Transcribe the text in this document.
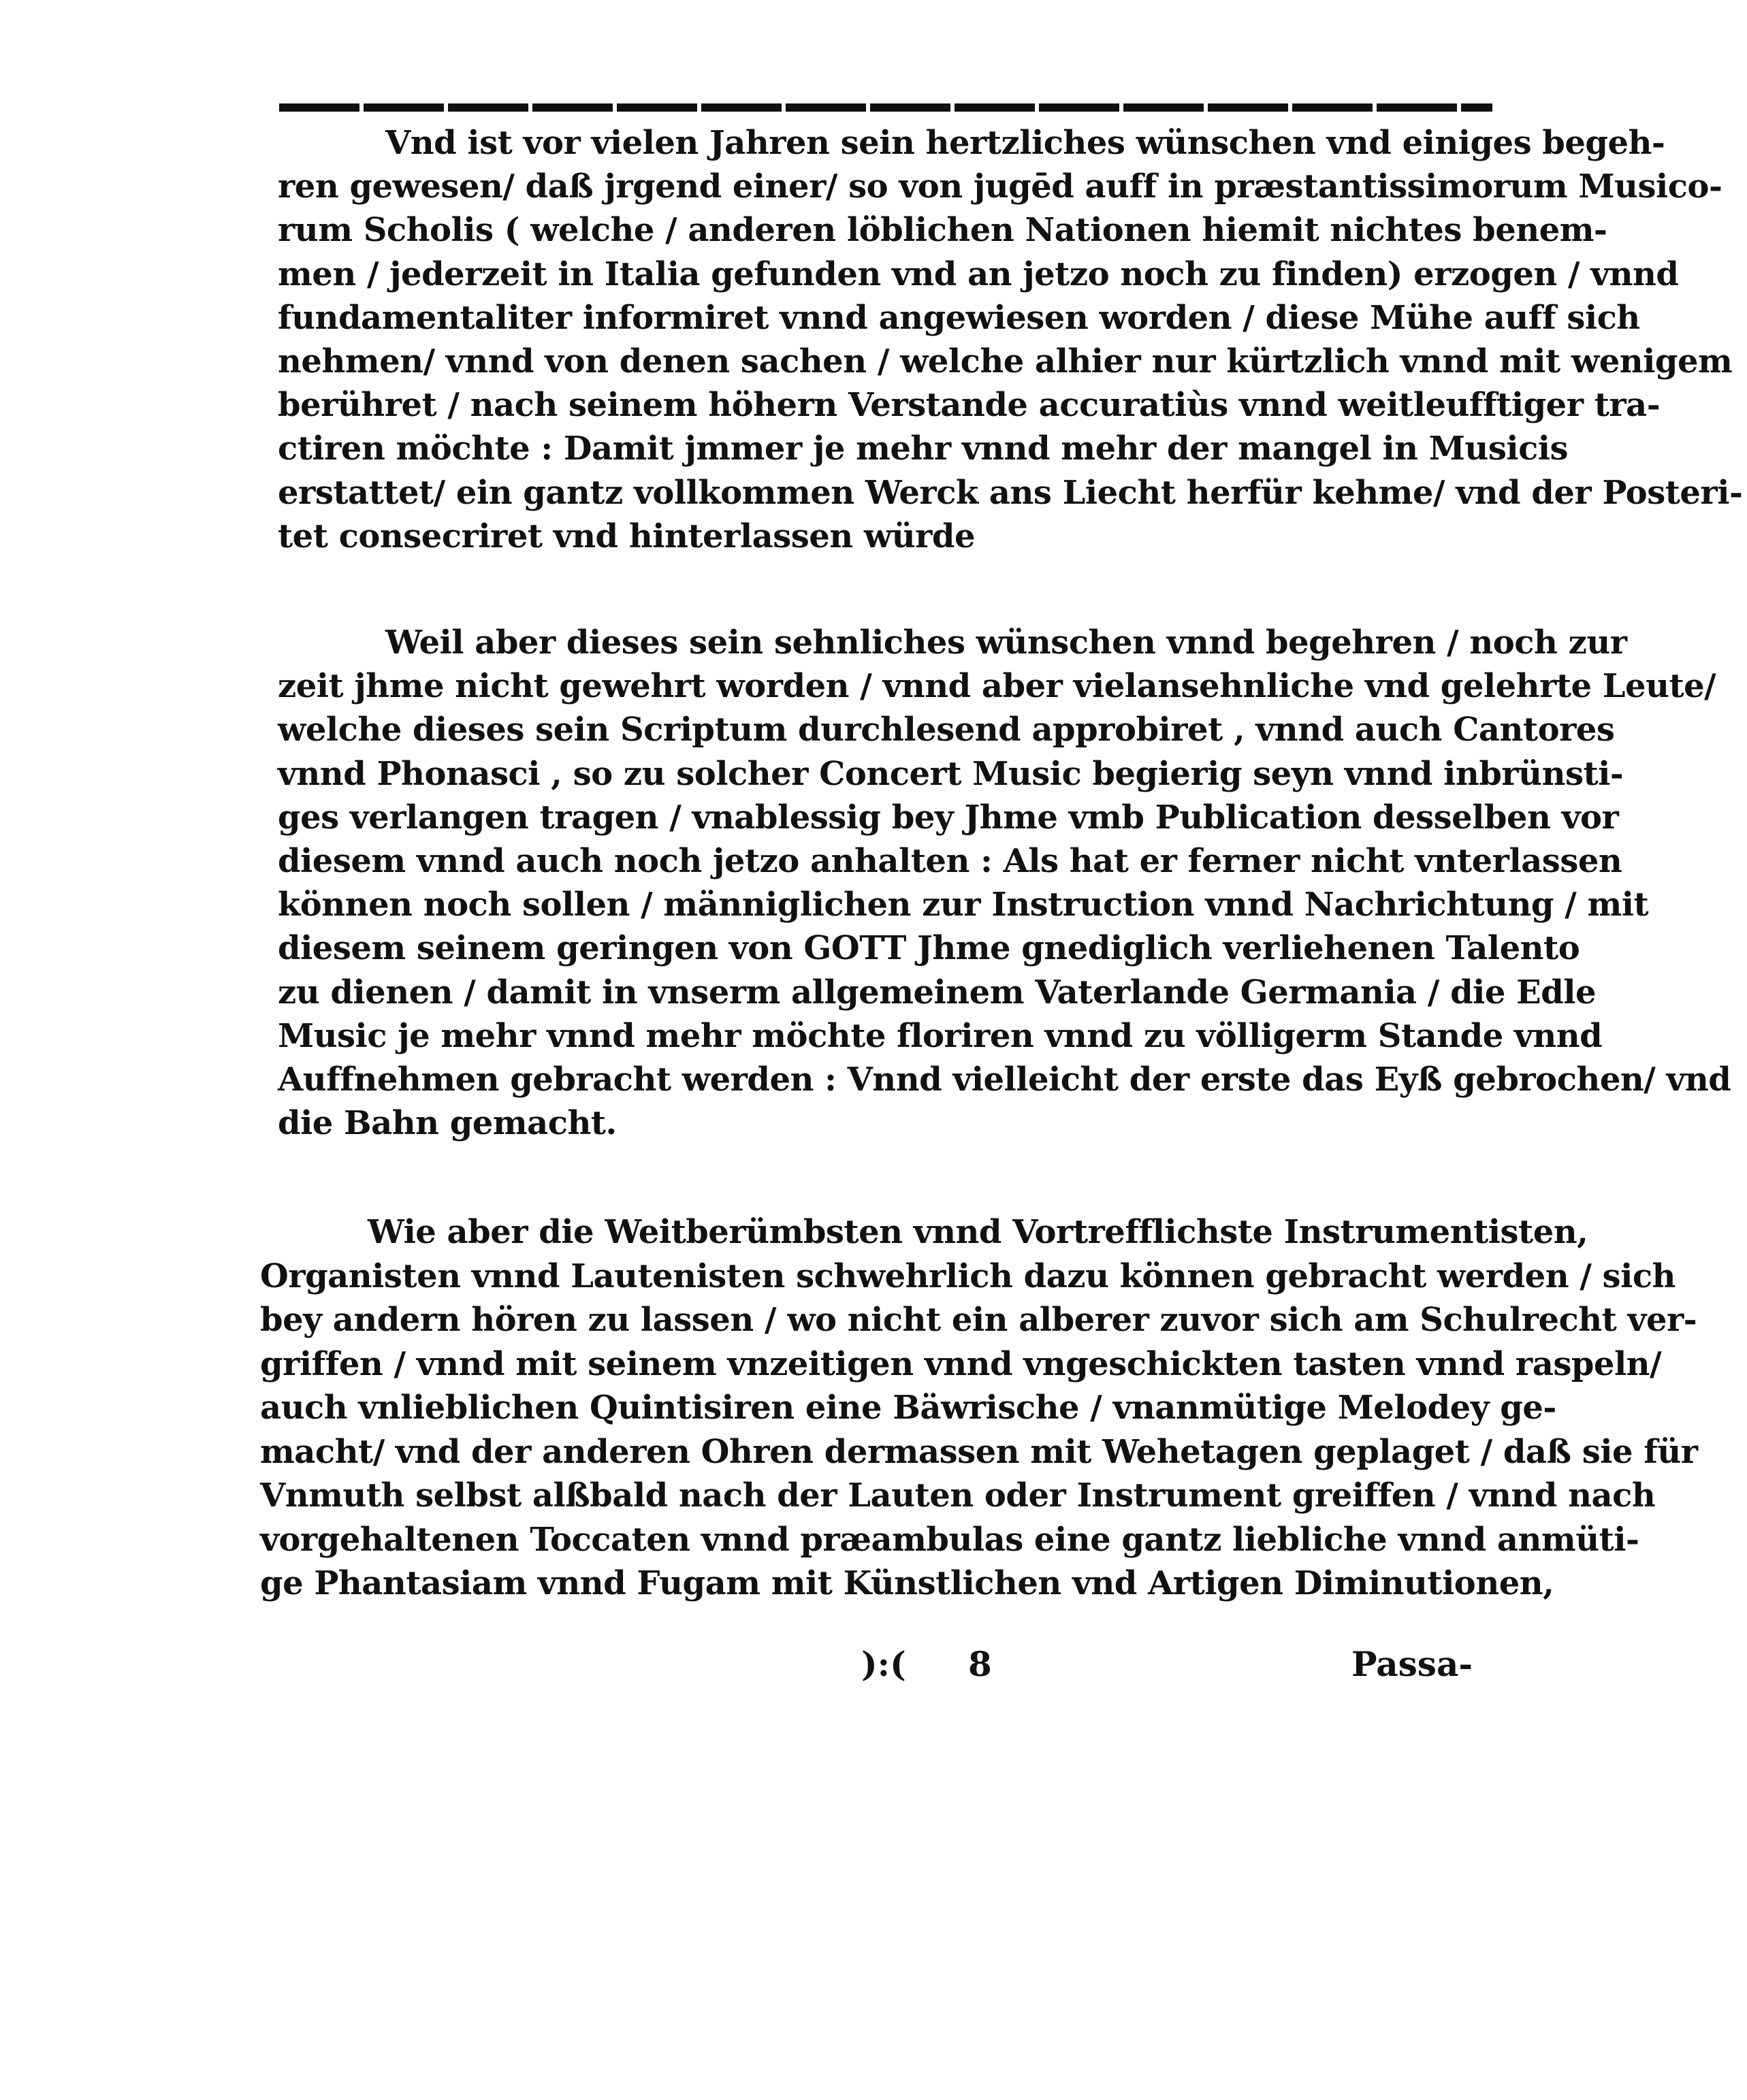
Vnd ist vor vielen Jahren sein hertzliches wünschen vnd einiges begeh-
ren gewesen/ daß jrgend einer/ so von jugēd auff in præstantissimorum Musico-
rum Scholis ( welche / anderen löblichen Nationen hiemit nichtes benem-
men / jederzeit in Italia gefunden vnd an jetzo noch zu finden) erzogen / vnnd
fundamentaliter informiret vnnd angewiesen worden / diese Mühe auff sich
nehmen/ vnnd von denen sachen / welche alhier nur kürtzlich vnnd mit wenigem
berühret / nach seinem höhern Verstande accuratiùs vnnd weitleufftiger tra-
ctiren möchte : Damit jmmer je mehr vnnd mehr der mangel in Musicis
erstattet/ ein gantz vollkommen Werck ans Liecht herfür kehme/ vnd der Posteri-
tet consecriret vnd hinterlassen würde
Weil aber dieses sein sehnliches wünschen vnnd begehren / noch zur
zeit jhme nicht gewehrt worden / vnnd aber vielansehnliche vnd gelehrte Leute/
welche dieses sein Scriptum durchlesend approbiret , vnnd auch Cantores
vnnd Phonasci , so zu solcher Concert Music begierig seyn vnnd inbrünsti-
ges verlangen tragen / vnablessig bey Jhme vmb Publication desselben vor
diesem vnnd auch noch jetzo anhalten : Als hat er ferner nicht vnterlassen
können noch sollen / männiglichen zur Instruction vnnd Nachrichtung / mit
diesem seinem geringen von GOTT Jhme gnediglich verliehenen Talento
zu dienen / damit in vnserm allgemeinem Vaterlande Germania / die Edle
Music je mehr vnnd mehr möchte floriren vnnd zu völligerm Stande vnnd
Auffnehmen gebracht werden : Vnnd vielleicht der erste das Eyß gebrochen/ vnd
die Bahn gemacht.
Wie aber die Weitberümbsten vnnd Vortrefflichste Instrumentisten,
Organisten vnnd Lautenisten schwehrlich dazu können gebracht werden / sich
bey andern hören zu lassen / wo nicht ein alberer zuvor sich am Schulrecht ver-
griffen / vnnd mit seinem vnzeitigen vnnd vngeschickten tasten vnnd raspeln/
auch vnlieblichen Quintisiren eine Bäwrische / vnanmütige Melodey ge-
macht/ vnd der anderen Ohren dermassen mit Wehetagen geplaget / daß sie für
Vnmuth selbst alßbald nach der Lauten oder Instrument greiffen / vnnd nach
vorgehaltenen Toccaten vnnd præambulas eine gantz liebliche vnnd anmüti-
ge Phantasiam vnnd Fugam mit Künstlichen vnd Artigen Diminutionen,
):( 8	Passa-
